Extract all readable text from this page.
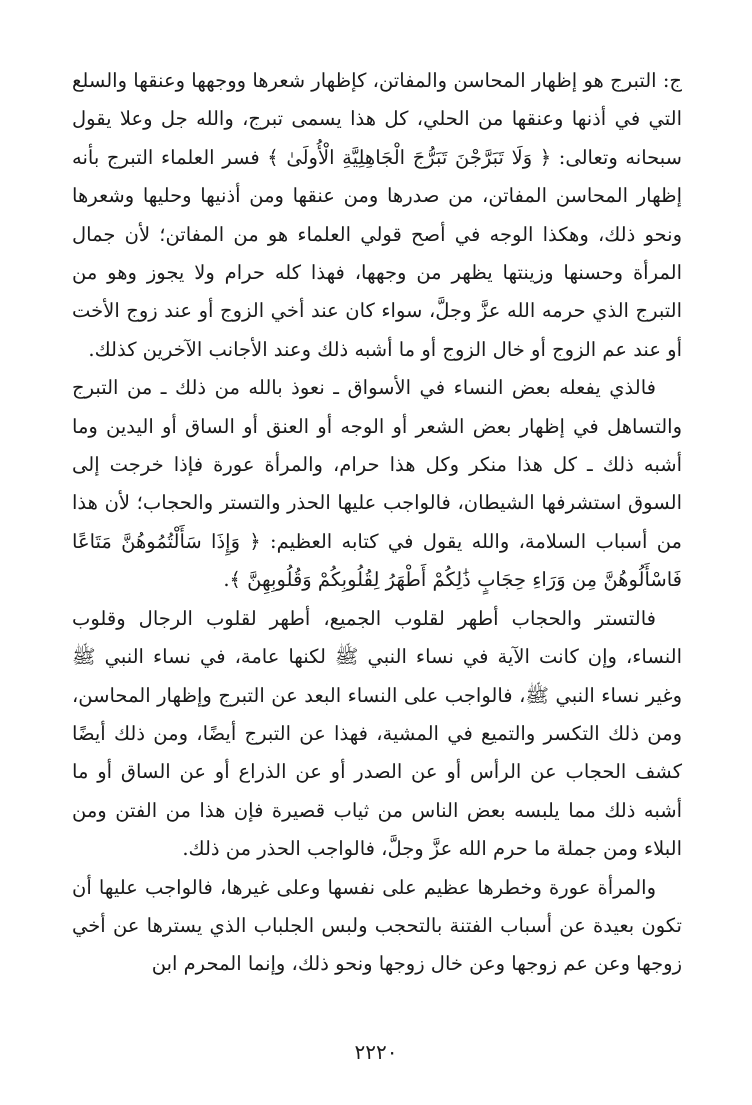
ج: التبرج هو إظهار المحاسن والمفاتن، كإظهار شعرها ووجهها وعنقها والسلع التي في أذنها وعنقها من الحلي، كل هذا يسمى تبرج، والله جل وعلا يقول سبحانه وتعالى: ﴿ وَلَا تَبَرَّجْنَ تَبَرُّجَ الْجَاهِلِيَّةِ الْأُولَىٰ ﴾ فسر العلماء التبرج بأنه إظهار المحاسن المفاتن، من صدرها ومن عنقها ومن أذنيها وحليها وشعرها ونحو ذلك، وهكذا الوجه في أصح قولي العلماء هو من المفاتن؛ لأن جمال المرأة وحسنها وزينتها يظهر من وجهها، فهذا كله حرام ولا يجوز وهو من التبرج الذي حرمه الله عزَّ وجلَّ، سواء كان عند أخي الزوج أو عند زوج الأخت أو عند عم الزوج أو خال الزوج أو ما أشبه ذلك وعند الأجانب الآخرين كذلك.

فالذي يفعله بعض النساء في الأسواق ـ نعوذ بالله من ذلك ـ من التبرج والتساهل في إظهار بعض الشعر أو الوجه أو العنق أو الساق أو اليدين وما أشبه ذلك ـ كل هذا منكر وكل هذا حرام، والمرأة عورة فإذا خرجت إلى السوق استشرفها الشيطان، فالواجب عليها الحذر والتستر والحجاب؛ لأن هذا من أسباب السلامة، والله يقول في كتابه العظيم: ﴿ وَإِذَا سَأَلْتُمُوهُنَّ مَتَاعًا فَاسْأَلُوهُنَّ مِن وَرَاءِ حِجَابٍ ذَٰلِكُمْ أَطْهَرُ لِقُلُوبِكُمْ وَقُلُوبِهِنَّ ﴾.

فالتستر والحجاب أطهر لقلوب الجميع، أطهر لقلوب الرجال وقلوب النساء، وإن كانت الآية في نساء النبي ﷺ لكنها عامة، في نساء النبي ﷺ وغير نساء النبي ﷺ، فالواجب على النساء البعد عن التبرج وإظهار المحاسن، ومن ذلك التكسر والتميع في المشية، فهذا عن التبرج أيضًا، ومن ذلك أيضًا كشف الحجاب عن الرأس أو عن الصدر أو عن الذراع أو عن الساق أو ما أشبه ذلك مما يلبسه بعض الناس من ثياب قصيرة فإن هذا من الفتن ومن البلاء ومن جملة ما حرم الله عزَّ وجلَّ، فالواجب الحذر من ذلك.

والمرأة عورة وخطرها عظيم على نفسها وعلى غيرها، فالواجب عليها أن تكون بعيدة عن أسباب الفتنة بالتحجب ولبس الجلباب الذي يسترها عن أخي زوجها وعن عم زوجها وعن خال زوجها ونحو ذلك، وإنما المحرم ابن

٢٢٢٠
